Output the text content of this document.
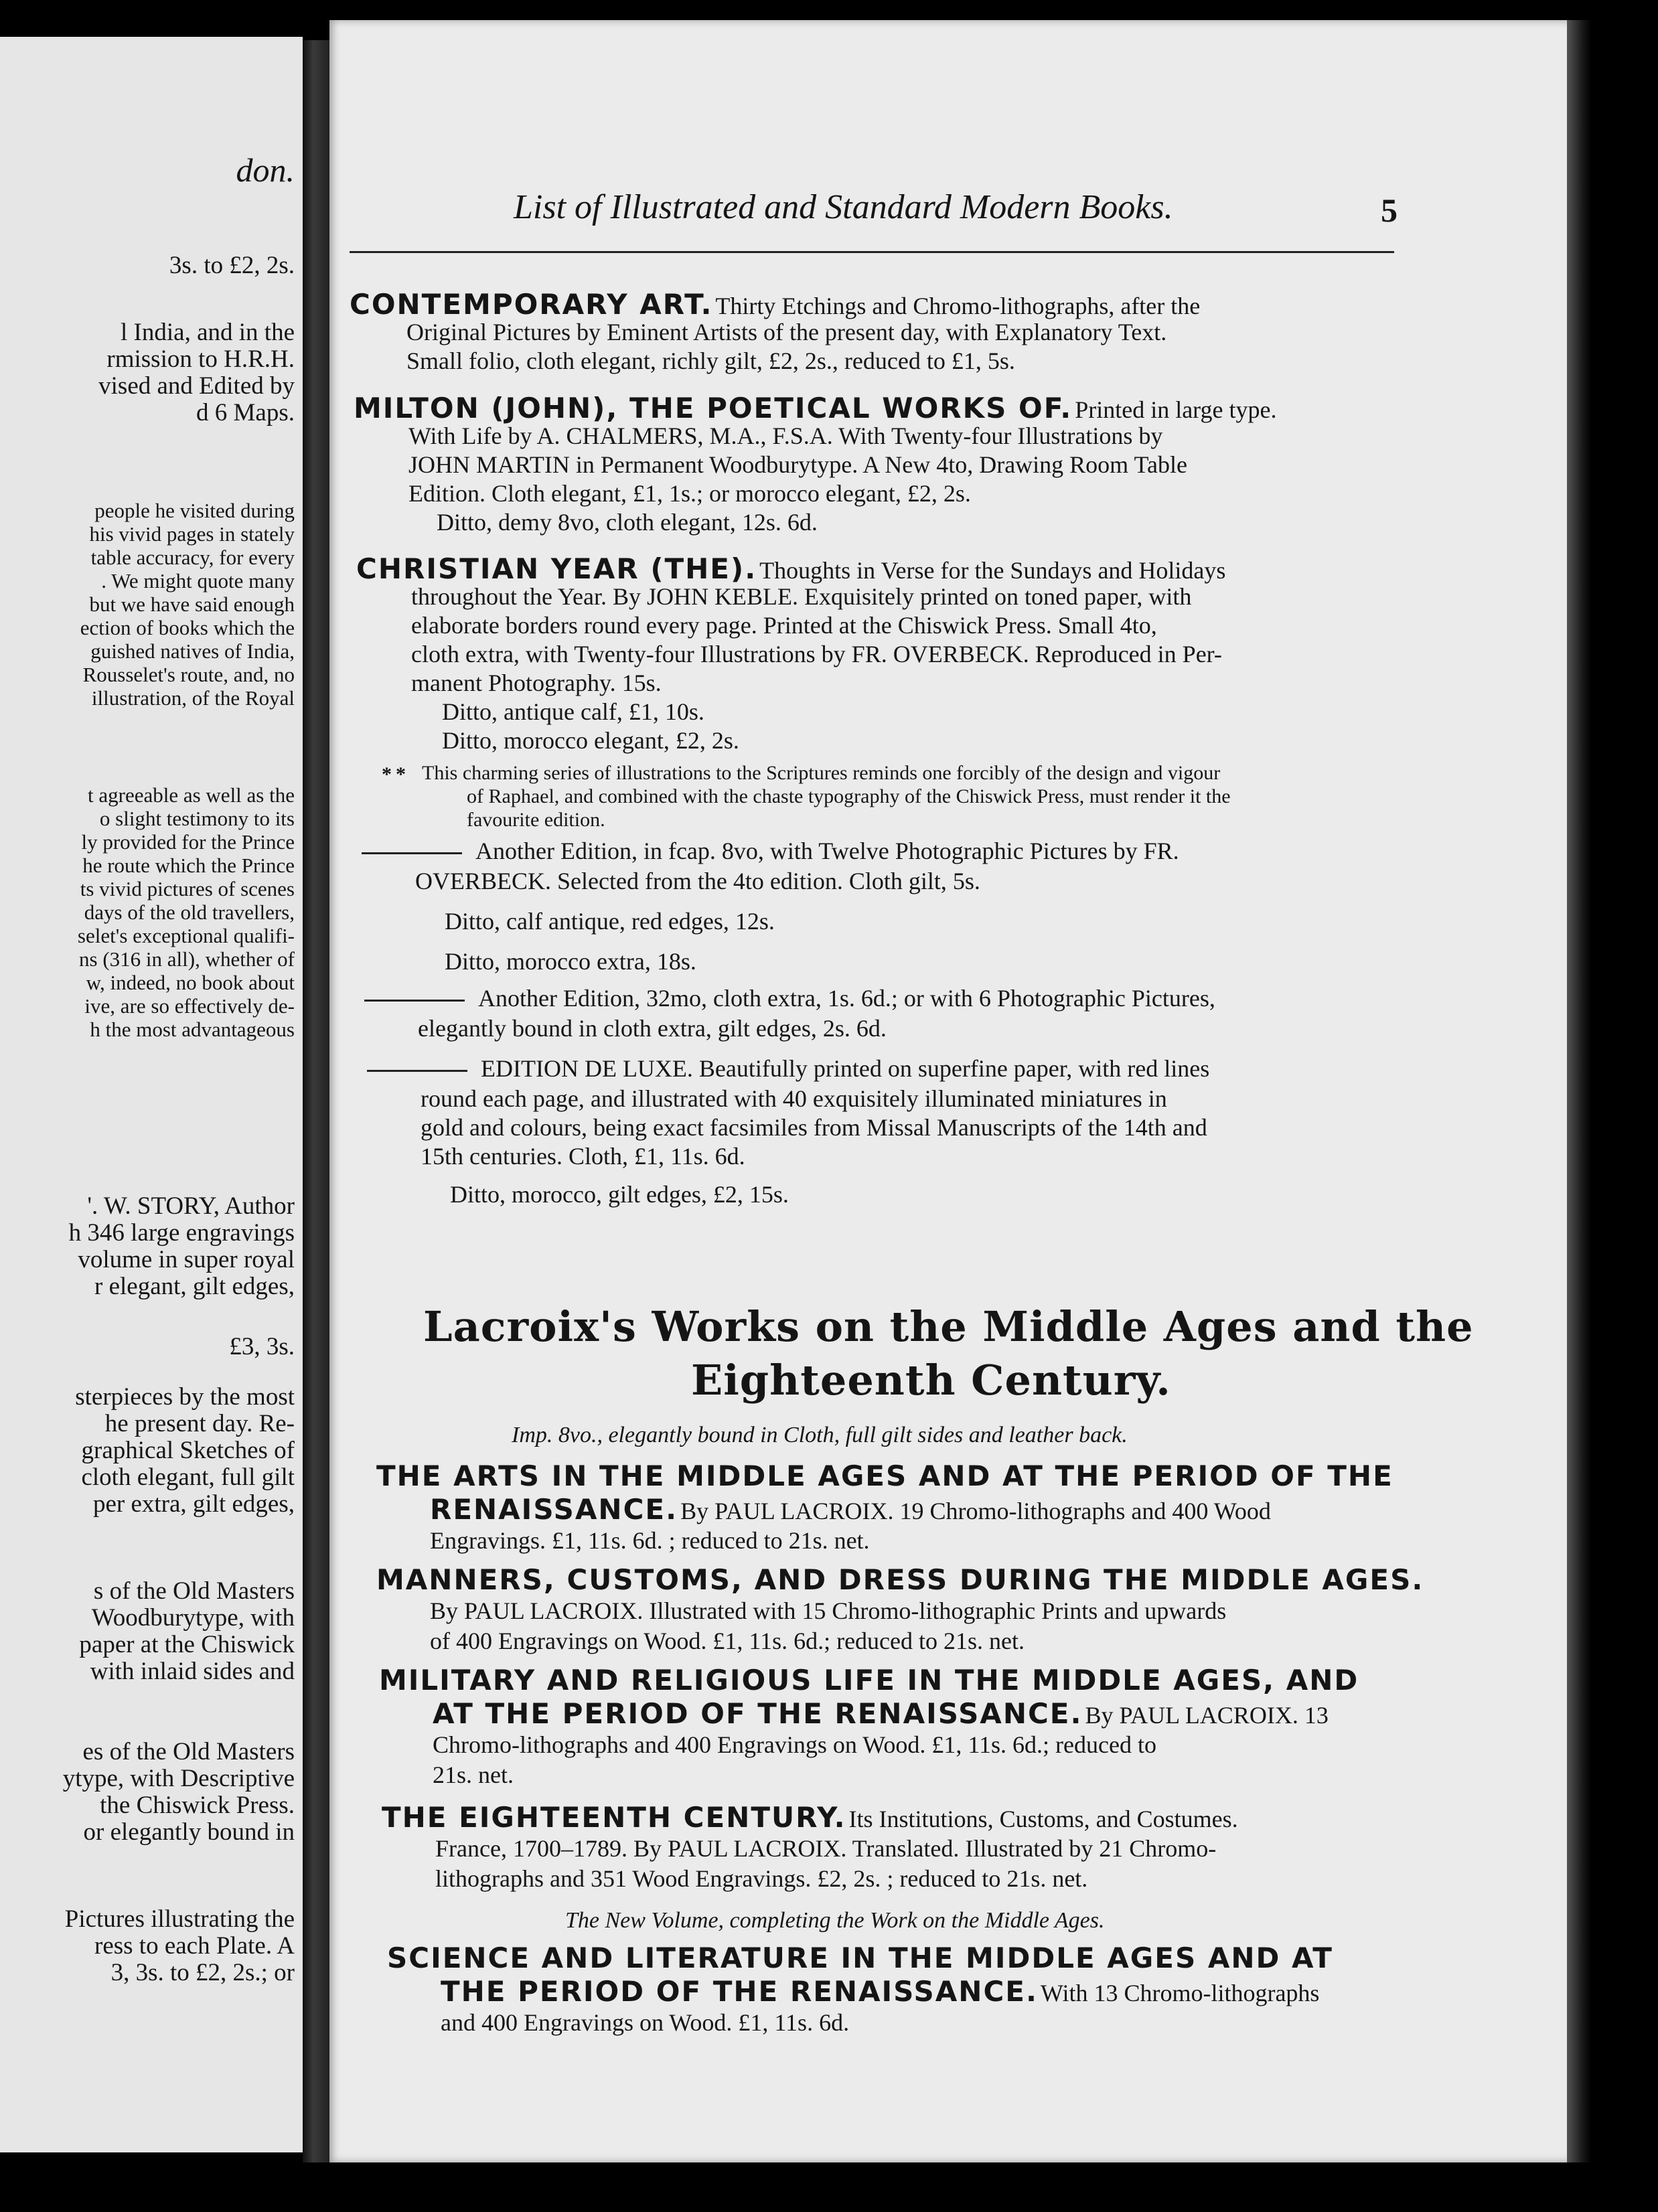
don.
3s. to £2, 2s.
l India, and in the
rmission to H.R.H.
vised and Edited by
d 6 Maps.
people he visited during
his vivid pages in stately
table accuracy, for every
. We might quote many
but we have said enough
ection of books which the
guished natives of India,
Rousselet's route, and, no
illustration, of the Royal
t agreeable as well as the
o slight testimony to its
ly provided for the Prince
he route which the Prince
ts vivid pictures of scenes
days of the old travellers,
selet's exceptional qualifi-
ns (316 in all), whether of
w, indeed, no book about
ive, are so effectively de-
h the most advantageous
'. W. STORY, Author
h 346 large engravings
volume in super royal
r elegant, gilt edges,
£3, 3s.
sterpieces by the most
he present day. Re-
graphical Sketches of
cloth elegant, full gilt
per extra, gilt edges,
s of the Old Masters
Woodburytype, with
paper at the Chiswick
with inlaid sides and
es of the Old Masters
ytype, with Descriptive
the Chiswick Press.
or elegantly bound in
Pictures illustrating the
ress to each Plate. A
3, 3s. to £2, 2s.; or
List of Illustrated and Standard Modern Books.	5
CONTEMPORARY ART. Thirty Etchings and Chromo-lithographs, after the
Original Pictures by Eminent Artists of the present day, with Explanatory Text.
Small folio, cloth elegant, richly gilt, £2, 2s., reduced to £1, 5s.
MILTON (JOHN), THE POETICAL WORKS OF. Printed in large type.
With Life by A. CHALMERS, M.A., F.S.A. With Twenty-four Illustrations by
JOHN MARTIN in Permanent Woodburytype. A New 4to, Drawing Room Table
Edition. Cloth elegant, £1, 1s.; or morocco elegant, £2, 2s.
Ditto, demy 8vo, cloth elegant, 12s. 6d.
CHRISTIAN YEAR (THE). Thoughts in Verse for the Sundays and Holidays
throughout the Year. By JOHN KEBLE. Exquisitely printed on toned paper, with
elaborate borders round every page. Printed at the Chiswick Press. Small 4to,
cloth extra, with Twenty-four Illustrations by FR. OVERBECK. Reproduced in Per-
manent Photography. 15s.
Ditto, antique calf, £1, 10s.
Ditto, morocco elegant, £2, 2s.
* * This charming series of illustrations to the Scriptures reminds one forcibly of the design and vigour
of Raphael, and combined with the chaste typography of the Chiswick Press, must render it the
favourite edition.
Another Edition, in fcap. 8vo, with Twelve Photographic Pictures by FR.
OVERBECK. Selected from the 4to edition. Cloth gilt, 5s.
Ditto, calf antique, red edges, 12s.
Ditto, morocco extra, 18s.
Another Edition, 32mo, cloth extra, 1s. 6d.; or with 6 Photographic Pictures,
elegantly bound in cloth extra, gilt edges, 2s. 6d.
EDITION DE LUXE. Beautifully printed on superfine paper, with red lines
round each page, and illustrated with 40 exquisitely illuminated miniatures in
gold and colours, being exact facsimiles from Missal Manuscripts of the 14th and
15th centuries. Cloth, £1, 11s. 6d.
Ditto, morocco, gilt edges, £2, 15s.
Lacroix's Works on the Middle Ages and the
Eighteenth Century.
Imp. 8vo., elegantly bound in Cloth, full gilt sides and leather back.
THE ARTS IN THE MIDDLE AGES AND AT THE PERIOD OF THE
RENAISSANCE. By PAUL LACROIX. 19 Chromo-lithographs and 400 Wood
Engravings. £1, 11s. 6d. ; reduced to 21s. net.
MANNERS, CUSTOMS, AND DRESS DURING THE MIDDLE AGES.
By PAUL LACROIX. Illustrated with 15 Chromo-lithographic Prints and upwards
of 400 Engravings on Wood. £1, 11s. 6d.; reduced to 21s. net.
MILITARY AND RELIGIOUS LIFE IN THE MIDDLE AGES, AND
AT THE PERIOD OF THE RENAISSANCE. By PAUL LACROIX. 13
Chromo-lithographs and 400 Engravings on Wood. £1, 11s. 6d.; reduced to
21s. net.
THE EIGHTEENTH CENTURY. Its Institutions, Customs, and Costumes.
France, 1700–1789. By PAUL LACROIX. Translated. Illustrated by 21 Chromo-
lithographs and 351 Wood Engravings. £2, 2s. ; reduced to 21s. net.
The New Volume, completing the Work on the Middle Ages.
SCIENCE AND LITERATURE IN THE MIDDLE AGES AND AT
THE PERIOD OF THE RENAISSANCE. With 13 Chromo-lithographs
and 400 Engravings on Wood. £1, 11s. 6d.
